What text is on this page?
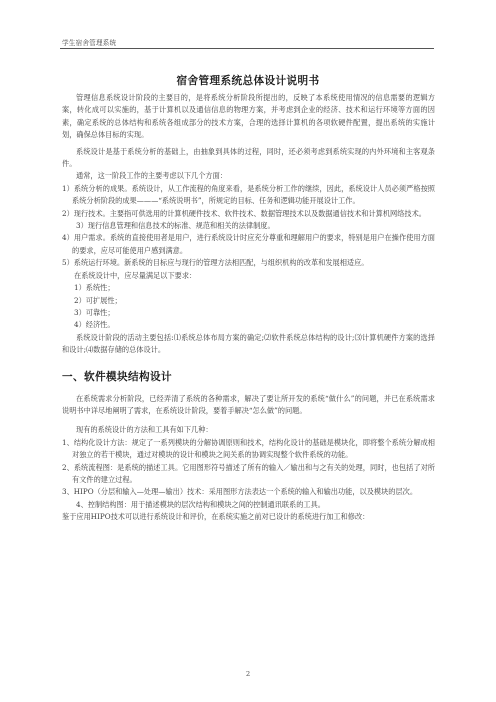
学生宿舍管理系统
宿舍管理系统总体设计说明书

管理信息系统设计阶段的主要目的，是将系统分析阶段所提出的，反映了本系统使用情况的信息需要的逻辑方案，转化成可以实施的，基于计算机以及通信信息的物理方案，并考虑到企业的经济、技术和运行环境等方面的因素，确定系统的总体结构和系统各组成部分的技术方案，合理的选择计算机的各项软硬件配置，提出系统的实施计划，确保总体目标的实现。

系统设计是基于系统分析的基础上，由抽象到具体的过程，同时，还必须考虑到系统实现的内外环境和主客观条件。

通常，这一阶段工作的主要考虑以下几个方面：

1）系统分析的成果。系统设计，从工作流程的角度来看，是系统分析工作的继续，因此，系统设计人员必须严格按照系统分析阶段的成果———“系统说明书”，所规定的目标、任务和逻辑功能开展设计工作。

2）现行技术。主要指可供选用的计算机硬件技术、软件技术、数据管理技术以及数据通信技术和计算机网络技术。

3）现行信息管理和信息技术的标准、规范和相关的法律制度。

4）用户需求。系统的直接使用者是用户，进行系统设计时应充分尊重和理解用户的要求，特别是用户在操作使用方面的要求，应尽可能使用户感到满意。

5）系统运行环境。新系统的目标应与现行的管理方法相匹配，与组织机构的改革和发展相适应。

在系统设计中，应尽量满足以下要求：

1）系统性；

2）可扩展性；

3）可靠性；

4）经济性。

系统设计阶段的活动主要包括:⑴系统总体布局方案的确定;⑵软件系统总体结构的设计;⑶计算机硬件方案的选择和设计;⑷数据存储的总体设计。

一、软件模块结构设计

在系统需求分析阶段，已经弄清了系统的各种需求，解决了要让所开发的系统“做什么”的问题，并已在系统需求说明书中详尽地阐明了需求，在系统设计阶段，要着手解决“怎么做”的问题。

现有的系统设计的方法和工具有如下几种：

1、结构化设计方法：规定了一系列模块的分解协调原则和技术，结构化设计的基础是模块化，即将整个系统分解成相对独立的若干模块，通过对模块的设计和模块之间关系的协调实现整个软件系统的功能。

2、系统流程图：是系统的描述工具。它用图形符号描述了所有的输入／输出和与之有关的处理，同时，也包括了对所有文件的建立过程。

3、HIPO（分层和输入—处理—输出）技术：采用图形方法表达一个系统的输入和输出功能，以及模块的层次。

4、控制结构图：用于描述模块的层次结构和模块之间的控制通讯联系的工具。

鉴于应用HIPO技术可以进行系统设计和评价，在系统实施之前对已设计的系统进行加工和修改：

2
